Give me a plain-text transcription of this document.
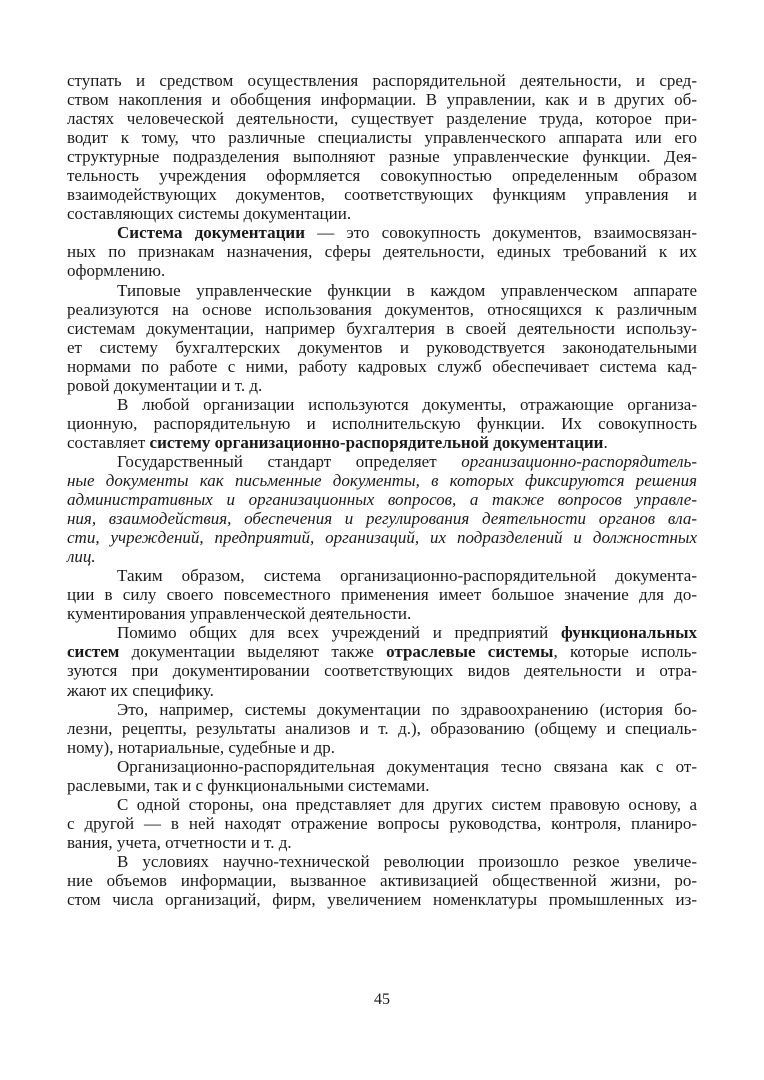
ступать и средством осуществления распорядительной деятельности, и сред-
ством накопления и обобщения информации. В управлении, как и в других об-
ластях человеческой деятельности, существует разделение труда, которое при-
водит к тому, что различные специалисты управленческого аппарата или его
структурные подразделения выполняют разные управленческие функции. Дея-
тельность учреждения оформляется совокупностью определенным образом
взаимодействующих документов, соответствующих функциям управления и
составляющих системы документации.
Система документации — это совокупность документов, взаимосвязан-
ных по признакам назначения, сферы деятельности, единых требований к их
оформлению.
Типовые управленческие функции в каждом управленческом аппарате
реализуются на основе использования документов, относящихся к различным
системам документации, например бухгалтерия в своей деятельности использу-
ет систему бухгалтерских документов и руководствуется законодательными
нормами по работе с ними, работу кадровых служб обеспечивает система кад-
ровой документации и т. д.
В любой организации используются документы, отражающие организа-
ционную, распорядительную и исполнительскую функции. Их совокупность
составляет систему организационно-распорядительной документации.
Государственный стандарт определяет организационно-распорядитель-
ные документы как письменные документы, в которых фиксируются решения
административных и организационных вопросов, а также вопросов управле-
ния, взаимодействия, обеспечения и регулирования деятельности органов вла-
сти, учреждений, предприятий, организаций, их подразделений и должностных
лиц.
Таким образом, система организационно-распорядительной документа-
ции в силу своего повсеместного применения имеет большое значение для до-
кументирования управленческой деятельности.
Помимо общих для всех учреждений и предприятий функциональных
систем документации выделяют также отраслевые системы, которые исполь-
зуются при документировании соответствующих видов деятельности и отра-
жают их специфику.
Это, например, системы документации по здравоохранению (история бо-
лезни, рецепты, результаты анализов и т. д.), образованию (общему и специаль-
ному), нотариальные, судебные и др.
Организационно-распорядительная документация тесно связана как с от-
раслевыми, так и с функциональными системами.
С одной стороны, она представляет для других систем правовую основу, а
с другой — в ней находят отражение вопросы руководства, контроля, планиро-
вания, учета, отчетности и т. д.
В условиях научно-технической революции произошло резкое увеличе-
ние объемов информации, вызванное активизацией общественной жизни, ро-
стом числа организаций, фирм, увеличением номенклатуры промышленных из-
45
